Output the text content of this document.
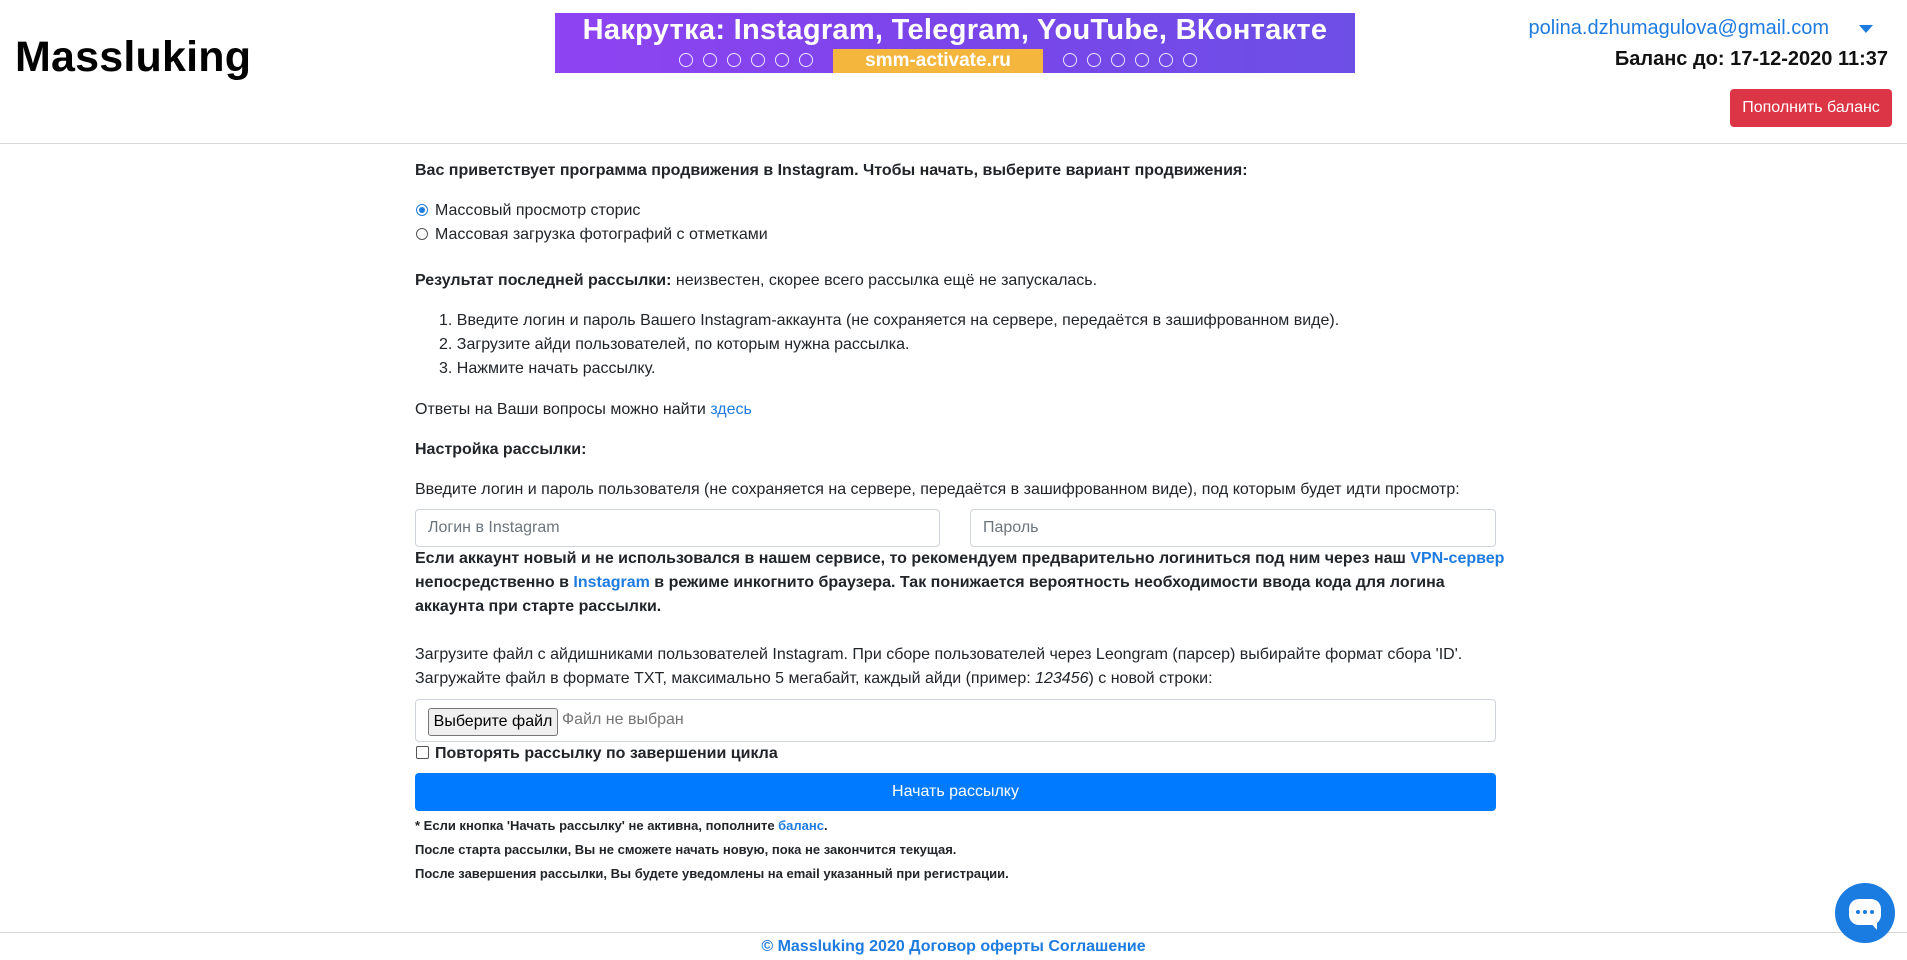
Massluking
Накрутка: Instagram, Telegram, YouTube, ВКонтакте
smm-activate.ru
polina.dzhumagulova@gmail.com
Баланс до: 17-12-2020 11:37
Пополнить баланс
Вас приветствует программа продвижения в Instagram. Чтобы начать, выберите вариант продвижения:
Массовый просмотр сторис
Массовая загрузка фотографий с отметками
Результат последней рассылки: неизвестен, скорее всего рассылка ещё не запускалась.
1. Введите логин и пароль Вашего Instagram-аккаунта (не сохраняется на сервере, передаётся в зашифрованном виде).
2. Загрузите айди пользователей, по которым нужна рассылка.
3. Нажмите начать рассылку.
Ответы на Ваши вопросы можно найти здесь
Настройка рассылки:
Введите логин и пароль пользователя (не сохраняется на сервере, передаётся в зашифрованном виде), под которым будет идти просмотр:
Логин в Instagram
Если аккаунт новый и не использовался в нашем сервисе, то рекомендуем предварительно логиниться под ним через наш VPN-сервер
непосредственно в Instagram в режиме инкогнито браузера. Так понижается вероятность необходимости ввода кода для логина
аккаунта при старте рассылки.
Загрузите файл с айдишниками пользователей Instagram. При сборе пользователей через Leongram (парсер) выбирайте формат сбора 'ID'.
Загружайте файл в формате TXT, максимально 5 мегабайт, каждый айди (пример: 123456) с новой строки:
Выберите файл Файл не выбран
Повторять рассылку по завершении цикла
Начать рассылку
* Если кнопка 'Начать рассылку' не активна, пополните баланс.
После старта рассылки, Вы не сможете начать новую, пока не закончится текущая.
После завершения рассылки, Вы будете уведомлены на email указанный при регистрации.
© Massluking 2020 Договор оферты Соглашение
